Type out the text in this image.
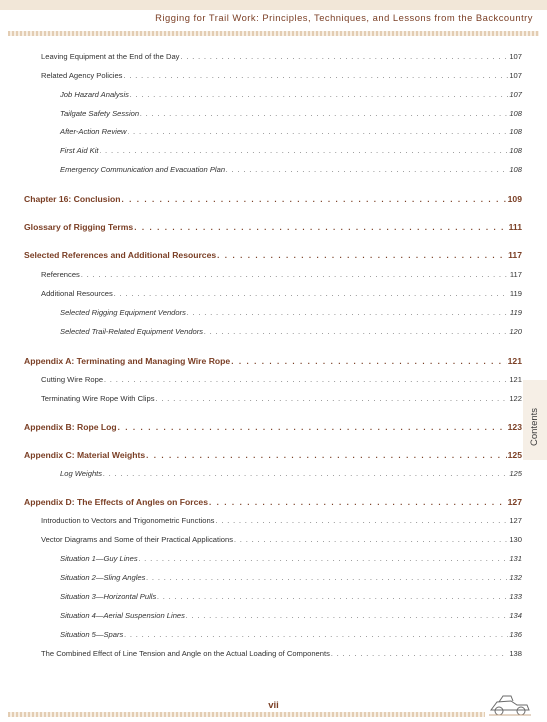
Rigging for Trail Work: Principles, Techniques, and Lessons from the Backcountry
Contents
Leaving Equipment at the End of the Day . . .	107
Related Agency Policies . . .	107
Job Hazard Analysis . . .	107
Tailgate Safety Session . . .	108
After-Action Review . . .	108
First Aid Kit . . .	108
Emergency Communication and Evacuation Plan . . .	108
Chapter 16: Conclusion . . .	109
Glossary of Rigging Terms . . .	111
Selected References and Additional Resources . . .	117
References . . .	117
Additional Resources . . .	119
Selected Rigging Equipment Vendors . . .	119
Selected Trail-Related Equipment Vendors . . .	120
Appendix A: Terminating and Managing Wire Rope . . .	121
Cutting Wire Rope . . .	121
Terminating Wire Rope With Clips . . .	122
Appendix B: Rope Log . . .	123
Appendix C: Material Weights . . .	125
Log Weights . . .	125
Appendix D: The Effects of Angles on Forces . . .	127
Introduction to Vectors and Trigonometric Functions . . .	127
Vector Diagrams and Some of their Practical Applications . . .	130
Situation 1—Guy Lines . . .	131
Situation 2—Sling Angles . . .	132
Situation 3—Horizontal Pulls . . .	133
Situation 4—Aerial Suspension Lines . . .	134
Situation 5—Spars . . .	136
The Combined Effect of Line Tension and Angle on the Actual Loading of Components . . .	138
vii
